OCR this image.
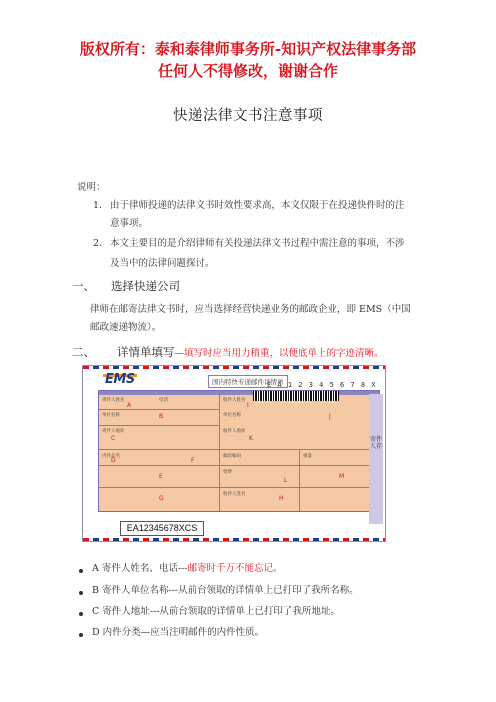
版权所有：泰和泰律师事务所-知识产权法律事务部
任何人不得修改，谢谢合作
快递法律文书注意事项
说明：
1. 由于律师投递的法律文书时效性要求高，本文仅限于在投递快件时的注
意事项。
2. 本文主要目的是介绍律师有关投递法律文书过程中需注意的事项，不涉
及当中的法律问题探讨。
一、 选择快递公司
律师在邮寄法律文书时，应当选择经营快递业务的邮政企业，即 EMS（中国
邮政速递物流）。
二、 详情单填写—填写时应当用力稍重，以便底单上的字迹清晰。
EMS	国内特快专递邮件详情单
E A 1 2 3 4 5 6 7 8 X
寄件人姓名	电话
单位名称
寄件人地址
内件品名
收件人姓名
单位名称
收件人地址
邮政编码	重量
资费
收件人签名
A
B
C
D
E
F
G	H
I
J
K
L
M
寄件人存
EA12345678XCS
A 寄件人姓名、电话---邮寄时千万不能忘记。
B 寄件人单位名称---从前台领取的详情单上已打印了我所名称。
C 寄件人地址---从前台领取的详情单上已打印了我所地址。
D 内件分类—应当注明邮件的内件性质。
